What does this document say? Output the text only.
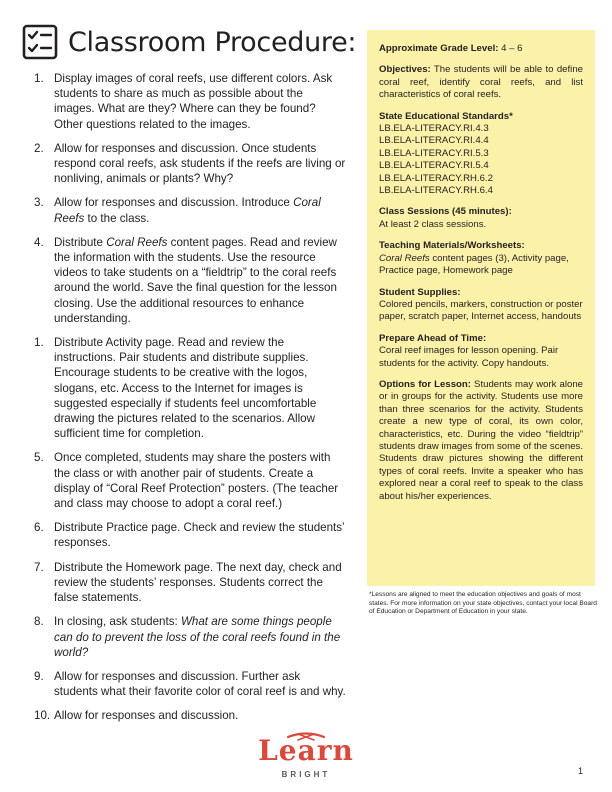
Classroom Procedure:
1. Display images of coral reefs, use different colors. Ask students to share as much as possible about the images. What are they? Where can they be found? Other questions related to the images.
2. Allow for responses and discussion. Once students respond coral reefs, ask students if the reefs are living or nonliving, animals or plants? Why?
3. Allow for responses and discussion. Introduce Coral Reefs to the class.
4. Distribute Coral Reefs content pages. Read and review the information with the students. Use the resource videos to take students on a “fieldtrip” to the coral reefs around the world. Save the final question for the lesson closing. Use the additional resources to enhance understanding.
1. Distribute Activity page. Read and review the instructions. Pair students and distribute supplies. Encourage students to be creative with the logos, slogans, etc. Access to the Internet for images is suggested especially if students feel uncomfortable drawing the pictures related to the scenarios. Allow sufficient time for completion.
5. Once completed, students may share the posters with the class or with another pair of students. Create a display of “Coral Reef Protection” posters. (The teacher and class may choose to adopt a coral reef.)
6. Distribute Practice page. Check and review the students’ responses.
7. Distribute the Homework page. The next day, check and review the students’ responses. Students correct the false statements.
8. In closing, ask students: What are some things people can do to prevent the loss of the coral reefs found in the world?
9. Allow for responses and discussion. Further ask students what their favorite color of coral reef is and why.
10. Allow for responses and discussion.
Approximate Grade Level: 4 – 6
Objectives: The students will be able to define coral reef, identify coral reefs, and list characteristics of coral reefs.
State Educational Standards*
LB.ELA-LITERACY.RI.4.3
LB.ELA-LITERACY.RI.4.4
LB.ELA-LITERACY.RI.5.3
LB.ELA-LITERACY.RI.5.4
LB.ELA-LITERACY.RH.6.2
LB.ELA-LITERACY.RH.6.4
Class Sessions (45 minutes):
At least 2 class sessions.
Teaching Materials/Worksheets:
Coral Reefs content pages (3), Activity page, Practice page, Homework page
Student Supplies:
Colored pencils, markers, construction or poster paper, scratch paper, Internet access, handouts
Prepare Ahead of Time:
Coral reef images for lesson opening. Pair students for the activity. Copy handouts.
Options for Lesson: Students may work alone or in groups for the activity. Students use more than three scenarios for the activity. Students create a new type of coral, its own color, characteristics, etc. During the video “fieldtrip” students draw images from some of the scenes. Students draw pictures showing the different types of coral reefs. Invite a speaker who has explored near a coral reef to speak to the class about his/her experiences.

*Lessons are aligned to meet the education objectives and goals of most states. For more information on your state objectives, contact your local Board of Education or Department of Education in your state.

Learn
BRIGHT	1
